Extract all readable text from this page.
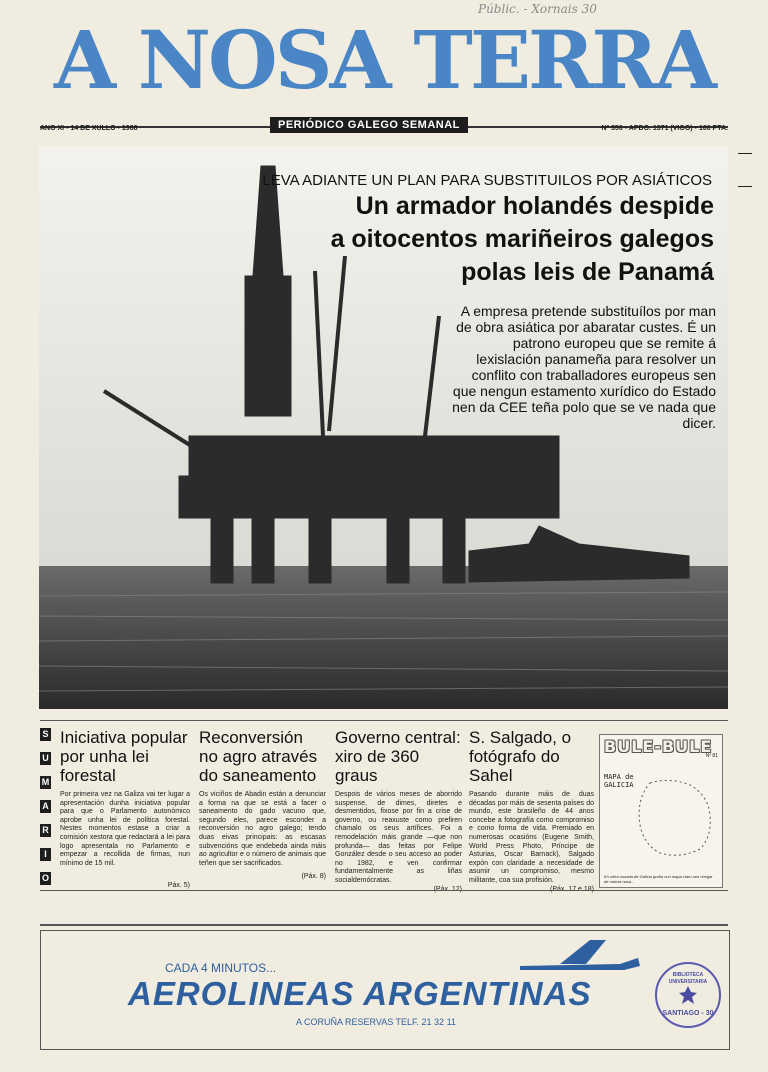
Públic. - Xornais 30
A NOSA TERRA
PERIÓDICO GALEGO SEMANAL
ANO XI • 14 DE XULLO • 1988	Nº 350 • APDO. 1371 (VIGO) • 100 PTA.
LEVA ADIANTE UN PLAN PARA SUBSTITUILOS POR ASIÁTICOS
Un armador holandés despide
a oitocentos mariñeiros galegos
polas leis de Panamá
A empresa pretende substituílos por man de obra asiática por abaratar custes. É un patrono europeu que se remite á lexislación panameña para resolver un conflito con traballadores europeus sen que nengun estamento xurídico do Estado nen da CEE teña polo que se ve nada que dicer.
S
U
M
A
R
I
O
Iniciativa popular por unha lei forestal

Por primeira vez na Galiza vai ter lugar a apresentación dunha iniciativa popular para que o Parlamento autonómico aprobe unha lei de política forestal. Nestes momentos estase a criar a comisión xestora que redactará a lei para logo apresentala no Parlamento e empezar a recollida de firmas, nun mínimo de 15 mil.

Páx. 5)

Reconversión no agro através do saneamento

Os viciños de Abadin están a denunciar a forma na que se está a facer o saneamento do gado vacuno que, segundo eles, parece esconder a reconversión no agro galego; tendo duas eivas principais: as escasas subvencións que endebeda ainda máis ao agricultor e o número de animais que teñen que ser sacrificados.

(Páx. 8)

Governo central: xiro de 360 graus

Despois de vários meses de aborrido suspense, de dimes, diretes e desmentidos, fixose por fin a crise de governo, ou reaxuste como prefiren chamalo os seus artífices. Foi a remodelación máis grande —que non profunda— das feitas por Felipe González desde o seu acceso ao poder no 1982, e ven confirmar fundamentalmente as liñas socialdemócratas.

S. Salgado, o fotógrafo do Sahel

Pasando durante máis de duas décadas por máis de sesenta países do mundo, este brasileño de 44 anos concebe a fotografía como compromiso e como forma de vida. Premiado en numerosas ocasións (Eugene Smith, World Press Photo, Príncipe de Asturias, Oscar Barnack), Salgado expón con claridade a necesidade de asumir un compromiso, mesmo militante, coa sua profisión.

BULE-BULE
Nº 81
MAPA de GALICIA
En xeira ousada de Galicia grafía cun mapa claro sen chegar de notícia nosa...
CADA 4 MINUTOS...
AEROLINEAS ARGENTINAS
A CORUÑA RESERVAS TELF. 21 32 11
BIBLIOTECA UNIVERSITARIA
SANTIAGO - 30
